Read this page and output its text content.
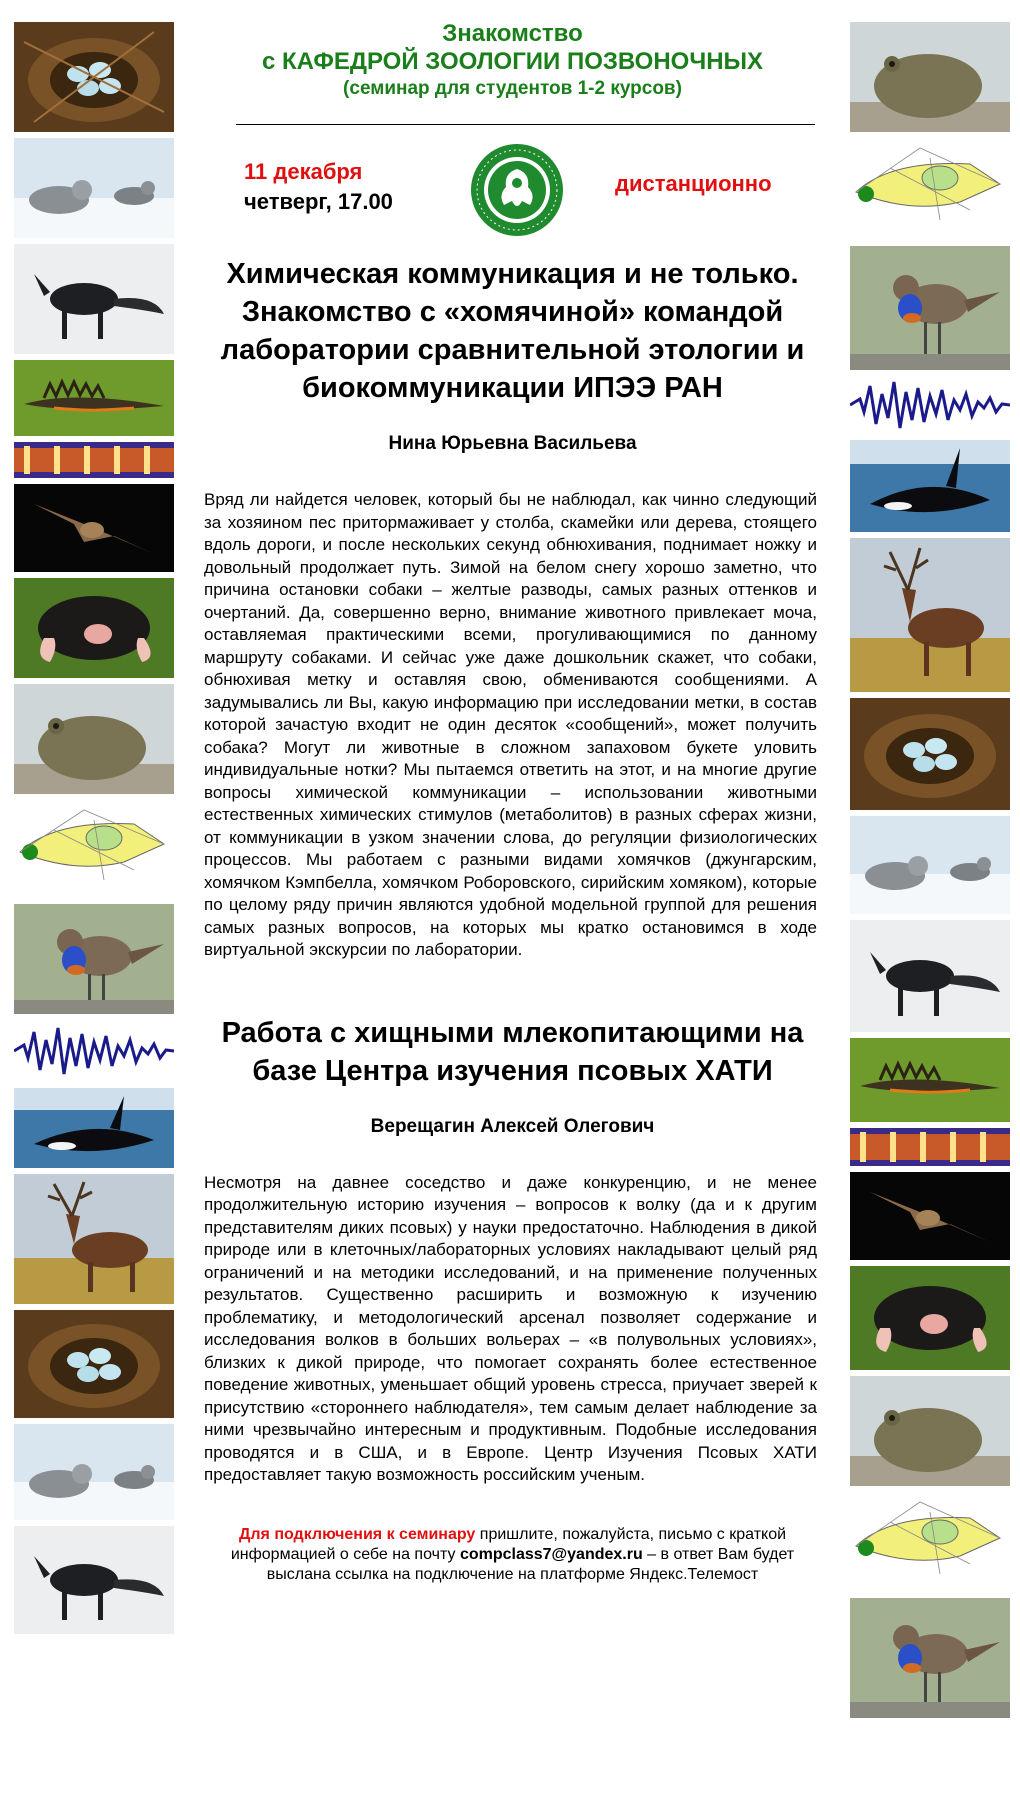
Знакомство
с КАФЕДРОЙ ЗООЛОГИИ ПОЗВОНОЧНЫХ
(семинар для студентов 1-2 курсов)
11 декабря
четверг, 17.00
дистанционно
Химическая коммуникация и не только. Знакомство с «хомячиной» командой лаборатории сравнительной этологии и биокоммуникации ИПЭЭ РАН
Нина Юрьевна Васильева
Вряд ли найдется человек, который бы не наблюдал, как чинно следующий за хозяином пес притормаживает у столба, скамейки или дерева, стоящего вдоль дороги, и после нескольких секунд обнюхивания, поднимает ножку и довольный продолжает путь. Зимой на белом снегу хорошо заметно, что причина остановки собаки – желтые разводы, самых разных оттенков и очертаний. Да, совершенно верно, внимание животного привлекает моча, оставляемая практическими всеми, прогуливающимися по данному маршруту собаками. И сейчас уже даже дошкольник скажет, что собаки, обнюхивая метку и оставляя свою, обмениваются сообщениями. А задумывались ли Вы, какую информацию при исследовании метки, в состав которой зачастую входит не один десяток «сообщений», может получить собака? Могут ли животные в сложном запаховом букете уловить индивидуальные нотки? Мы пытаемся ответить на этот, и на многие другие вопросы химической коммуникации – использовании животными естественных химических стимулов (метаболитов) в разных сферах жизни, от коммуникации в узком значении слова, до регуляции физиологических процессов. Мы работаем с разными видами хомячков (джунгарским, хомячком Кэмпбелла, хомячком Роборовского, сирийским хомяком), которые по целому ряду причин являются удобной модельной группой для решения самых разных вопросов, на которых мы кратко остановимся в ходе виртуальной экскурсии по лаборатории.
Работа с хищными млекопитающими на базе Центра изучения псовых ХАТИ
Верещагин Алексей Олегович
Несмотря на давнее соседство и даже конкуренцию, и не менее продолжительную историю изучения – вопросов к волку (да и к другим представителям диких псовых) у науки предостаточно. Наблюдения в дикой природе или в клеточных/лабораторных условиях накладывают целый ряд ограничений и на методики исследований, и на применение полученных результатов. Существенно расширить и возможную к изучению проблематику, и методологический арсенал позволяет содержание и исследования волков в больших вольерах – «в полувольных условиях», близких к дикой природе, что помогает сохранять более естественное поведение животных, уменьшает общий уровень стресса, приучает зверей к присутствию «стороннего наблюдателя», тем самым делает наблюдение за ними чрезвычайно интересным и продуктивным. Подобные исследования проводятся и в США, и в Европе. Центр Изучения Псовых ХАТИ предоставляет такую возможность российским ученым.
Для подключения к семинару пришлите, пожалуйста, письмо с краткой информацией о себе на почту compclass7@yandex.ru – в ответ Вам будет выслана ссылка на подключение на платформе Яндекс.Телемост
